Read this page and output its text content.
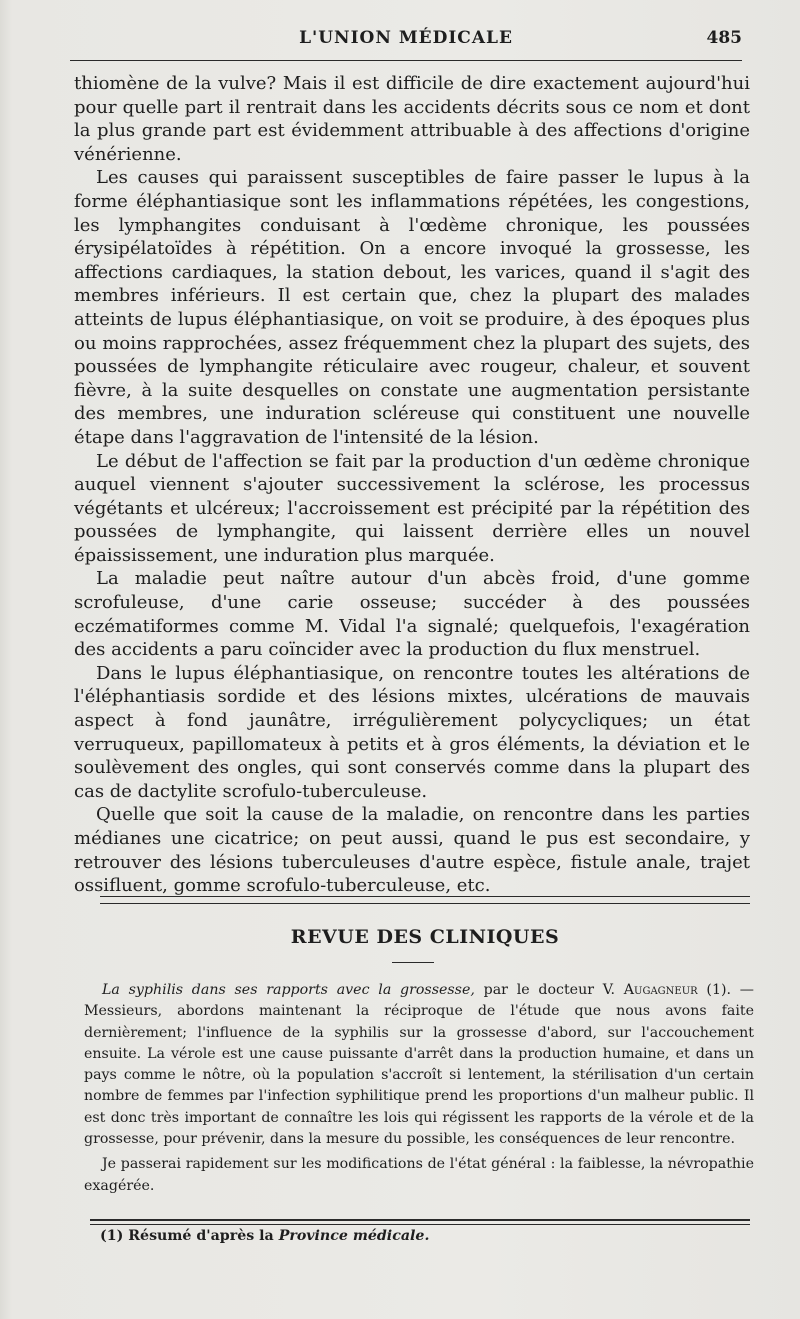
L'UNION MÉDICALE	485

thiomène de la vulve? Mais il est difficile de dire exactement aujourd'hui pour quelle part il rentrait dans les accidents décrits sous ce nom et dont la plus grande part est évidemment attribuable à des affections d'origine vénérienne.

Les causes qui paraissent susceptibles de faire passer le lupus à la forme éléphantiasique sont les inflammations répétées, les congestions, les lymphangites conduisant à l'œdème chronique, les poussées érysipélatoïdes à répétition. On a encore invoqué la grossesse, les affections cardiaques, la station debout, les varices, quand il s'agit des membres inférieurs. Il est certain que, chez la plupart des malades atteints de lupus éléphantiasique, on voit se produire, à des époques plus ou moins rapprochées, assez fréquemment chez la plupart des sujets, des poussées de lymphangite réticulaire avec rougeur, chaleur, et souvent fièvre, à la suite desquelles on constate une augmentation persistante des membres, une induration scléreuse qui constituent une nouvelle étape dans l'aggravation de l'intensité de la lésion.

Le début de l'affection se fait par la production d'un œdème chronique auquel viennent s'ajouter successivement la sclérose, les processus végétants et ulcéreux; l'accroissement est précipité par la répétition des poussées de lymphangite, qui laissent derrière elles un nouvel épaississement, une induration plus marquée.

La maladie peut naître autour d'un abcès froid, d'une gomme scrofuleuse, d'une carie osseuse; succéder à des poussées eczématiformes comme M. Vidal l'a signalé; quelquefois, l'exagération des accidents a paru coïncider avec la production du flux menstruel.

Dans le lupus éléphantiasique, on rencontre toutes les altérations de l'éléphantiasis sordide et des lésions mixtes, ulcérations de mauvais aspect à fond jaunâtre, irrégulièrement polycycliques; un état verruqueux, papillomateux à petits et à gros éléments, la déviation et le soulèvement des ongles, qui sont conservés comme dans la plupart des cas de dactylite scrofulo-tuberculeuse.

Quelle que soit la cause de la maladie, on rencontre dans les parties médianes une cicatrice; on peut aussi, quand le pus est secondaire, y retrouver des lésions tuberculeuses d'autre espèce, fistule anale, trajet ossifluent, gomme scrofulo-tuberculeuse, etc.

REVUE DES CLINIQUES

La syphilis dans ses rapports avec la grossesse, par le docteur V. Augagneur (1). — Messieurs, abordons maintenant la réciproque de l'étude que nous avons faite dernièrement; l'influence de la syphilis sur la grossesse d'abord, sur l'accouchement ensuite. La vérole est une cause puissante d'arrêt dans la production humaine, et dans un pays comme le nôtre, où la population s'accroît si lentement, la stérilisation d'un certain nombre de femmes par l'infection syphilitique prend les proportions d'un malheur public. Il est donc très important de connaître les lois qui régissent les rapports de la vérole et de la grossesse, pour prévenir, dans la mesure du possible, les conséquences de leur rencontre.

Je passerai rapidement sur les modifications de l'état général : la faiblesse, la névropathie exagérée.

(1) Résumé d'après la Province médicale.
